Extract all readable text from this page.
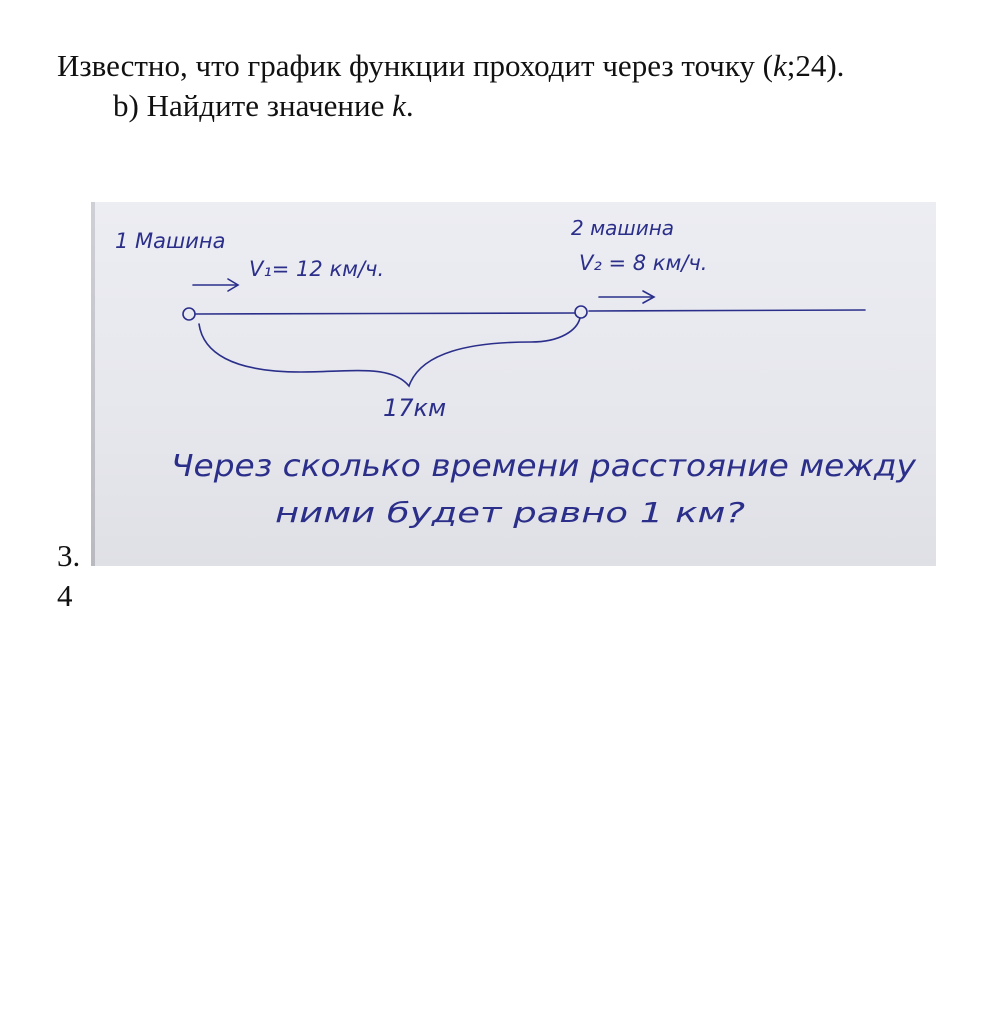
Известно, что график функции проходит через точку (k;24).
b) Найдите значение k.
1 Машина
V₁= 12 км/ч.
2 машина
V₂ = 8 км/ч.
17км
Через сколько времени расстояние между
ними будет равно 1 км?
3.
4
